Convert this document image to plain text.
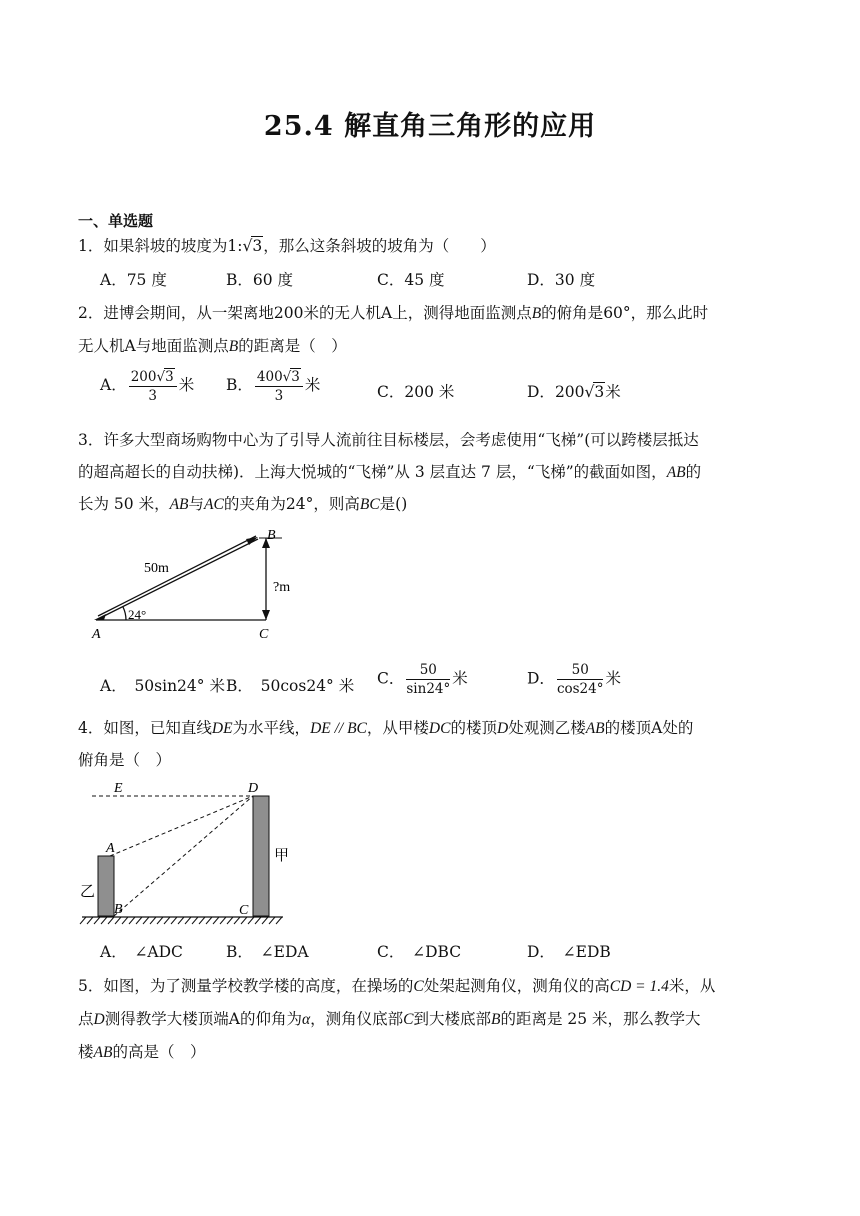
25.4 解直角三角形的应用
一、单选题
1．如果斜坡的坡度为1:√3，那么这条斜坡的坡角为（　　）
A．75 度	B．60 度	C．45 度	D．30 度
2．进博会期间，从一架离地200米的无人机A上，测得地面监测点B的俯角是60°，那么此时
无人机A与地面监测点B的距离是（　）
A． $\frac{200√3}{3}$ 米 B． $\frac{400√3}{3}$ 米	C．200 米	D．200√3米
3．许多大型商场购物中心为了引导人流前往目标楼层，会考虑使用“飞梯”(可以跨楼层抵达
的超高超长的自动扶梯)．上海大悦城的“飞梯”从 3 层直达 7 层，“飞梯”的截面如图，AB的
长为 50 米，AB与AC的夹角为24°，则高BC是()
50m
?m
24°
A
B
C
A．　50sin24° 米 B．　50cos24° 米 C． $\frac{50}{\sin 24^\circ}$ 米	D． $\frac{50}{\cos 24^\circ}$ 米
4．如图，已知直线DE为水平线，DE // BC，从甲楼DC的楼顶D处观测乙楼AB的楼顶A处的
俯角是（　）
E	D
A
B	C
甲
乙
A．　∠ADC	B．　∠EDA	C．　∠DBC	D．　∠EDB
5．如图，为了测量学校教学楼的高度，在操场的C处架起测角仪，测角仪的高CD = 1.4米，从
点D测得教学大楼顶端A的仰角为α，测角仪底部C到大楼底部B的距离是 25 米，那么教学大
楼AB的高是（　）
